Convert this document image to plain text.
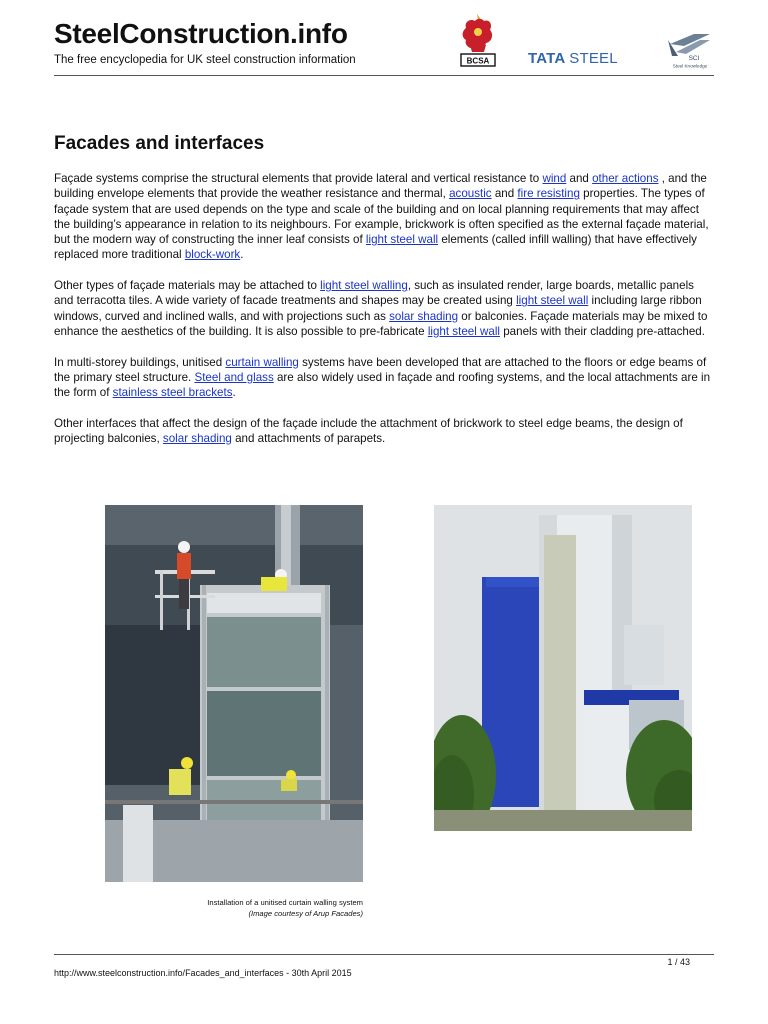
SteelConstruction.info
The free encyclopedia for UK steel construction information	BCSA	TATA STEEL	SCI
Steel Knowledge
Facades and interfaces

Façade systems comprise the structural elements that provide lateral and vertical resistance to wind and other actions , and the building envelope elements that provide the weather resistance and thermal, acoustic and fire resisting properties. The types of façade system that are used depends on the type and scale of the building and on local planning requirements that may affect the building’s appearance in relation to its neighbours. For example, brickwork is often specified as the external façade material, but the modern way of constructing the inner leaf consists of light steel wall elements (called infill walling) that have effectively replaced more traditional block-work.

Other types of façade materials may be attached to light steel walling, such as insulated render, large boards, metallic panels and terracotta tiles. A wide variety of facade treatments and shapes may be created using light steel wall including large ribbon windows, curved and inclined walls, and with projections such as solar shading or balconies. Façade materials may be mixed to enhance the aesthetics of the building. It is also possible to pre-fabricate light steel wall panels with their cladding pre-attached.

In multi-storey buildings, unitised curtain walling systems have been developed that are attached to the floors or edge beams of the primary steel structure. Steel and glass are also widely used in façade and roofing systems, and the local attachments are in the form of stainless steel brackets.

Other interfaces that affect the design of the façade include the attachment of brickwork to steel edge beams, the design of projecting balconies, solar shading and attachments of parapets.

Installation of a unitised curtain walling system
(Image courtesy of Arup Facades)
1 / 43
http://www.steelconstruction.info/Facades_and_interfaces - 30th April 2015
